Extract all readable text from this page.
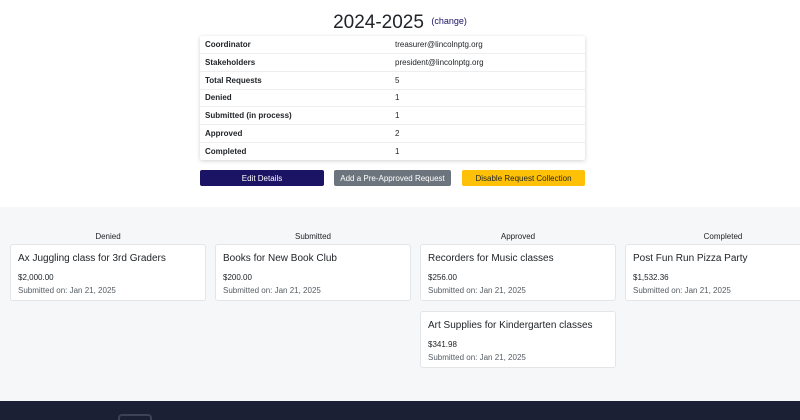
2024-2025 $^{(change)}$
Coordinator	treasurer@lincolnptg.org
Stakeholders	president@lincolnptg.org
Total Requests	5
Denied	1
Submitted (in process)	1
Approved	2
Completed	1
Edit Details	Add a Pre-Approved Request	Disable Request Collection
Denied
Ax Juggling class for 3rd Graders
$2,000.00
Submitted on: Jan 21, 2025
Submitted
Books for New Book Club
$200.00
Submitted on: Jan 21, 2025
Approved
Recorders for Music classes
$256.00
Submitted on: Jan 21, 2025
Art Supplies for Kindergarten classes
$341.98
Submitted on: Jan 21, 2025
Completed
Post Fun Run Pizza Party
$1,532.36
Submitted on: Jan 21, 2025
